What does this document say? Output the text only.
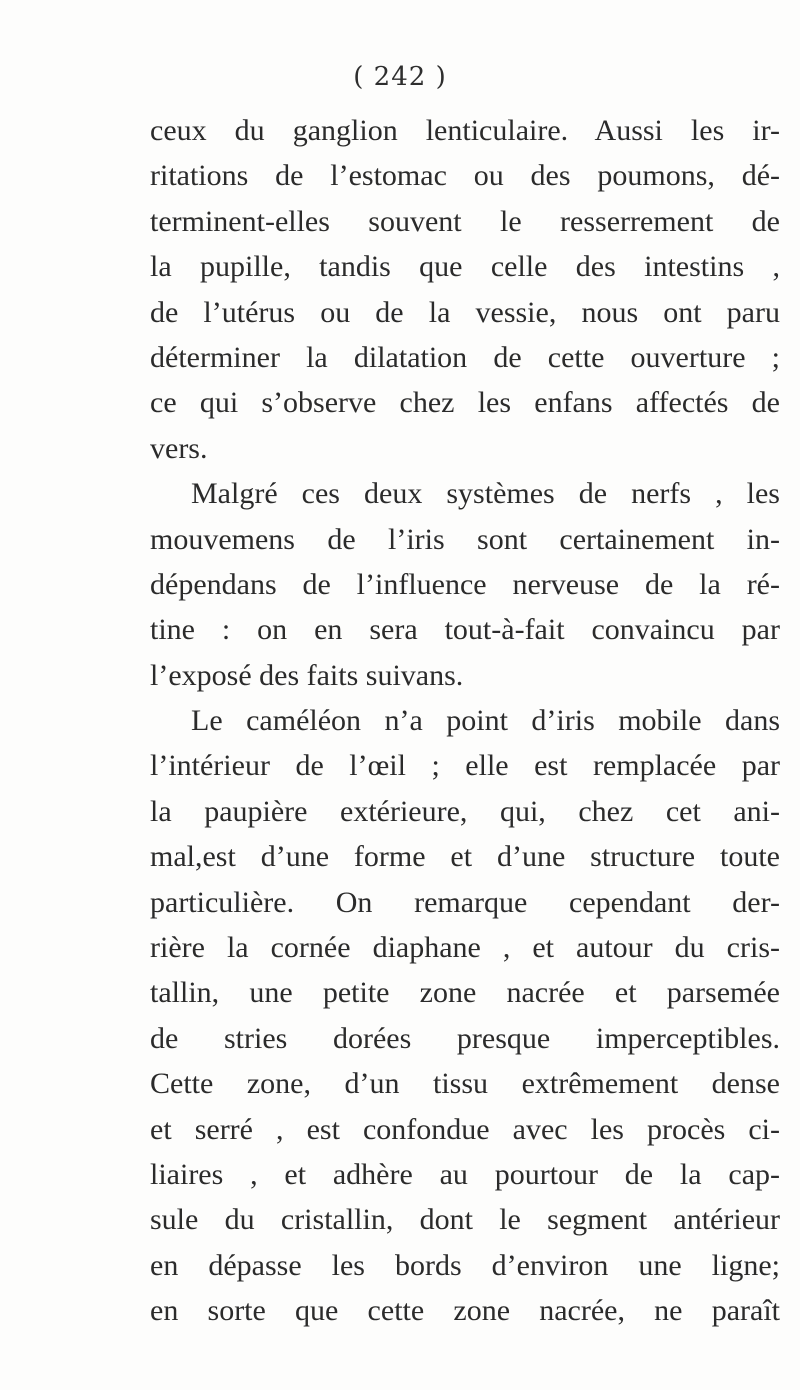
( 242 )
ceux du ganglion lenticulaire. Aussi les ir-
ritations de l’estomac ou des poumons, dé-
terminent-elles souvent le resserrement de
la pupille, tandis que celle des intestins ,
de l’utérus ou de la vessie, nous ont paru
déterminer la dilatation de cette ouverture ;
ce qui s’observe chez les enfans affectés de
vers.
Malgré ces deux systèmes de nerfs , les
mouvemens de l’iris sont certainement in-
dépendans de l’influence nerveuse de la ré-
tine : on en sera tout-à-fait convaincu par
l’exposé des faits suivans.
Le caméléon n’a point d’iris mobile dans
l’intérieur de l’œil ; elle est remplacée par
la paupière extérieure, qui, chez cet ani-
mal,est d’une forme et d’une structure toute
particulière. On remarque cependant der-
rière la cornée diaphane , et autour du cris-
tallin, une petite zone nacrée et parsemée
de stries dorées presque imperceptibles.
Cette zone, d’un tissu extrêmement dense
et serré , est confondue avec les procès ci-
liaires , et adhère au pourtour de la cap-
sule du cristallin, dont le segment antérieur
en dépasse les bords d’environ une ligne;
en sorte que cette zone nacrée, ne paraît
